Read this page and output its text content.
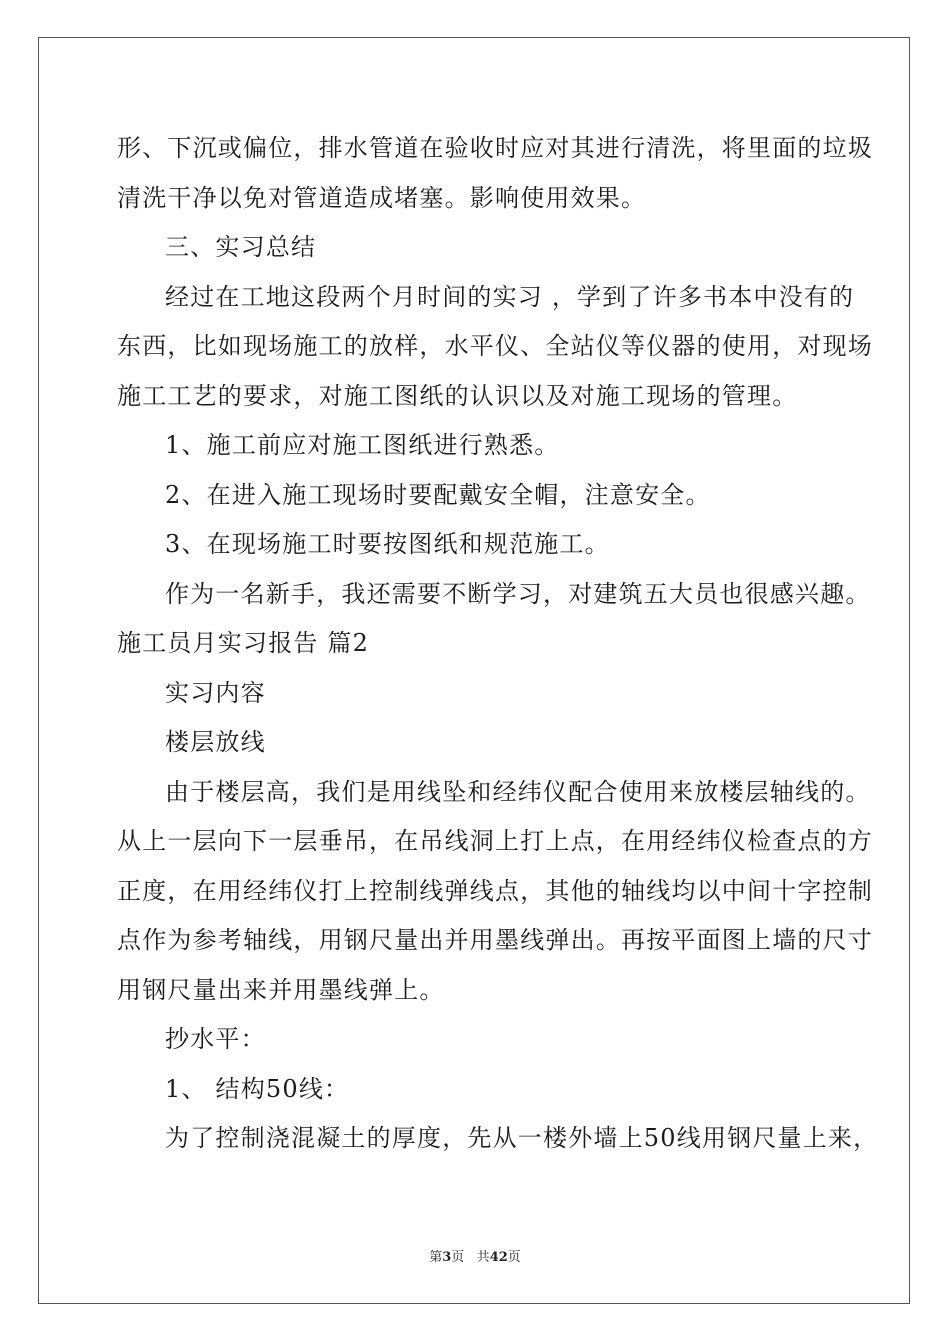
形、下沉或偏位，排水管道在验收时应对其进行清洗，将里面的垃圾
清洗干净以免对管道造成堵塞。影响使用效果。
三、实习总结
经过在工地这段两个月时间的实习 ，学到了许多书本中没有的
东西，比如现场施工的放样，水平仪、全站仪等仪器的使用，对现场
施工工艺的要求，对施工图纸的认识以及对施工现场的管理。
1、施工前应对施工图纸进行熟悉。
2、在进入施工现场时要配戴安全帽，注意安全。
3、在现场施工时要按图纸和规范施工。
作为一名新手，我还需要不断学习，对建筑五大员也很感兴趣。
施工员月实习报告 篇2
实习内容
楼层放线
由于楼层高，我们是用线坠和经纬仪配合使用来放楼层轴线的。
从上一层向下一层垂吊，在吊线洞上打上点，在用经纬仪检查点的方
正度，在用经纬仪打上控制线弹线点，其他的轴线均以中间十字控制
点作为参考轴线，用钢尺量出并用墨线弹出。再按平面图上墙的尺寸
用钢尺量出来并用墨线弹上。
抄水平：
1、 结构50线：
为了控制浇混凝土的厚度，先从一楼外墙上50线用钢尺量上来，
第3页 共42页
